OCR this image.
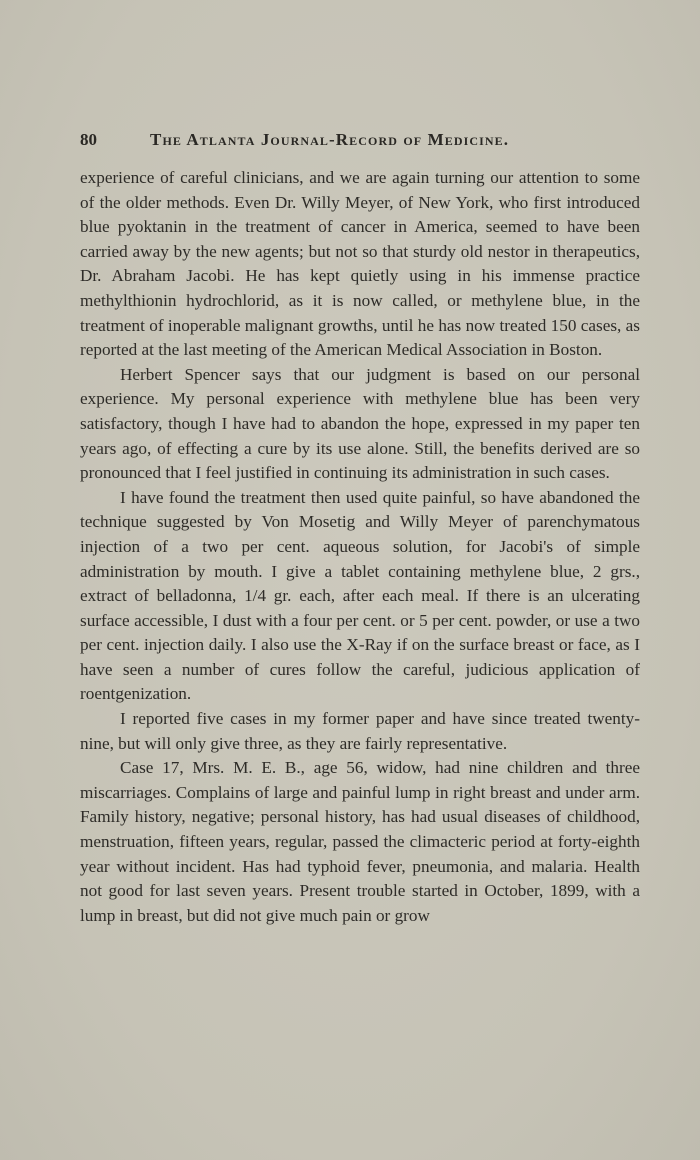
80	The Atlanta Journal-Record of Medicine.

experience of careful clinicians, and we are again turning our attention to some of the older methods. Even Dr. Willy Meyer, of New York, who first introduced blue pyoktanin in the treatment of cancer in America, seemed to have been carried away by the new agents; but not so that sturdy old nestor in therapeutics, Dr. Abraham Jacobi. He has kept quietly using in his immense practice methylthionin hydrochlorid, as it is now called, or methylene blue, in the treatment of inoperable malignant growths, until he has now treated 150 cases, as reported at the last meeting of the American Medical Association in Boston.

Herbert Spencer says that our judgment is based on our personal experience. My personal experience with methylene blue has been very satisfactory, though I have had to abandon the hope, expressed in my paper ten years ago, of effecting a cure by its use alone. Still, the benefits derived are so pronounced that I feel justified in continuing its administration in such cases.

I have found the treatment then used quite painful, so have abandoned the technique suggested by Von Mosetig and Willy Meyer of parenchymatous injection of a two per cent. aqueous solution, for Jacobi's of simple administration by mouth. I give a tablet containing methylene blue, 2 grs., extract of belladonna, 1/4 gr. each, after each meal. If there is an ulcerating surface accessible, I dust with a four per cent. or 5 per cent. powder, or use a two per cent. injection daily. I also use the X-Ray if on the surface breast or face, as I have seen a number of cures follow the careful, judicious application of roentgenization.

I reported five cases in my former paper and have since treated twenty-nine, but will only give three, as they are fairly representative.

Case 17, Mrs. M. E. B., age 56, widow, had nine children and three miscarriages. Complains of large and painful lump in right breast and under arm. Family history, negative; personal history, has had usual diseases of childhood, menstruation, fifteen years, regular, passed the climacteric period at forty-eighth year without incident. Has had typhoid fever, pneumonia, and malaria. Health not good for last seven years. Present trouble started in October, 1899, with a lump in breast, but did not give much pain or grow
